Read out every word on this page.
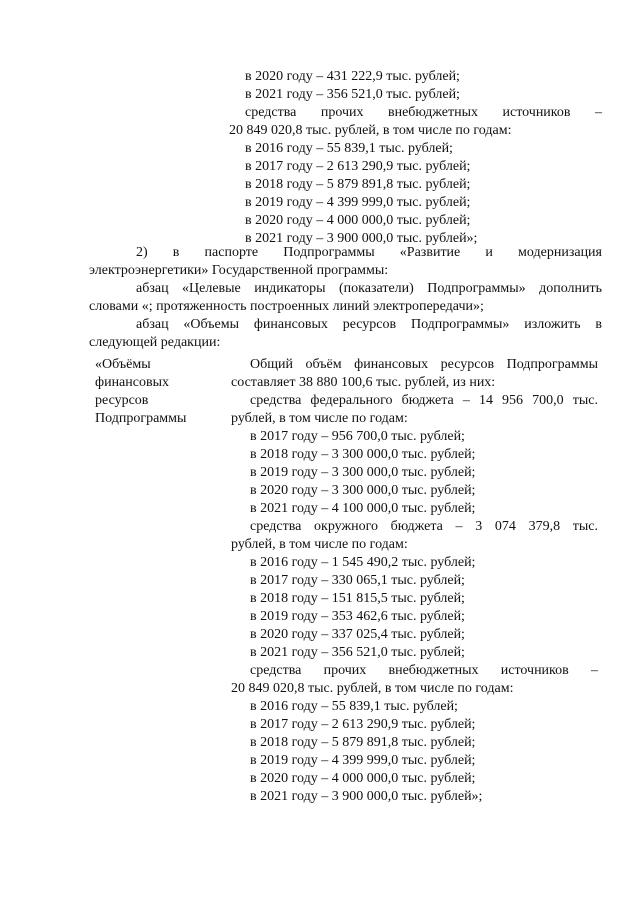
в 2020 году – 431 222,9 тыс. рублей;

в 2021 году – 356 521,0 тыс. рублей;

средства прочих внебюджетных источников –

20 849 020,8 тыс. рублей, в том числе по годам:

в 2016 году – 55 839,1 тыс. рублей;

в 2017 году – 2 613 290,9 тыс. рублей;

в 2018 году – 5 879 891,8 тыс. рублей;

в 2019 году – 4 399 999,0 тыс. рублей;

в 2020 году – 4 000 000,0 тыс. рублей;

в 2021 году – 3 900 000,0 тыс. рублей»;

2) в паспорте Подпрограммы «Развитие и модернизация

электроэнергетики» Государственной программы:

абзац «Целевые индикаторы (показатели) Подпрограммы» дополнить словами «; протяженность построенных линий электропередачи»;

абзац «Объемы финансовых ресурсов Подпрограммы» изложить в следующей редакции:

«Объёмы

финансовых

ресурсов

Подпрограммы

Общий объём финансовых ресурсов Подпрограммы

составляет 38 880 100,6 тыс. рублей, из них:

средства федерального бюджета – 14 956 700,0 тыс.

рублей, в том числе по годам:

в 2017 году – 956 700,0 тыс. рублей;

в 2018 году – 3 300 000,0 тыс. рублей;

в 2019 году – 3 300 000,0 тыс. рублей;

в 2020 году – 3 300 000,0 тыс. рублей;

в 2021 году – 4 100 000,0 тыс. рублей;

средства окружного бюджета – 3 074 379,8 тыс.

рублей, в том числе по годам:

в 2016 году – 1 545 490,2 тыс. рублей;

в 2017 году – 330 065,1 тыс. рублей;

в 2018 году – 151 815,5 тыс. рублей;

в 2019 году – 353 462,6 тыс. рублей;

в 2020 году – 337 025,4 тыс. рублей;

в 2021 году – 356 521,0 тыс. рублей;

средства прочих внебюджетных источников –

20 849 020,8 тыс. рублей, в том числе по годам:

в 2016 году – 55 839,1 тыс. рублей;

в 2017 году – 2 613 290,9 тыс. рублей;

в 2018 году – 5 879 891,8 тыс. рублей;

в 2019 году – 4 399 999,0 тыс. рублей;

в 2020 году – 4 000 000,0 тыс. рублей;

в 2021 году – 3 900 000,0 тыс. рублей»;
